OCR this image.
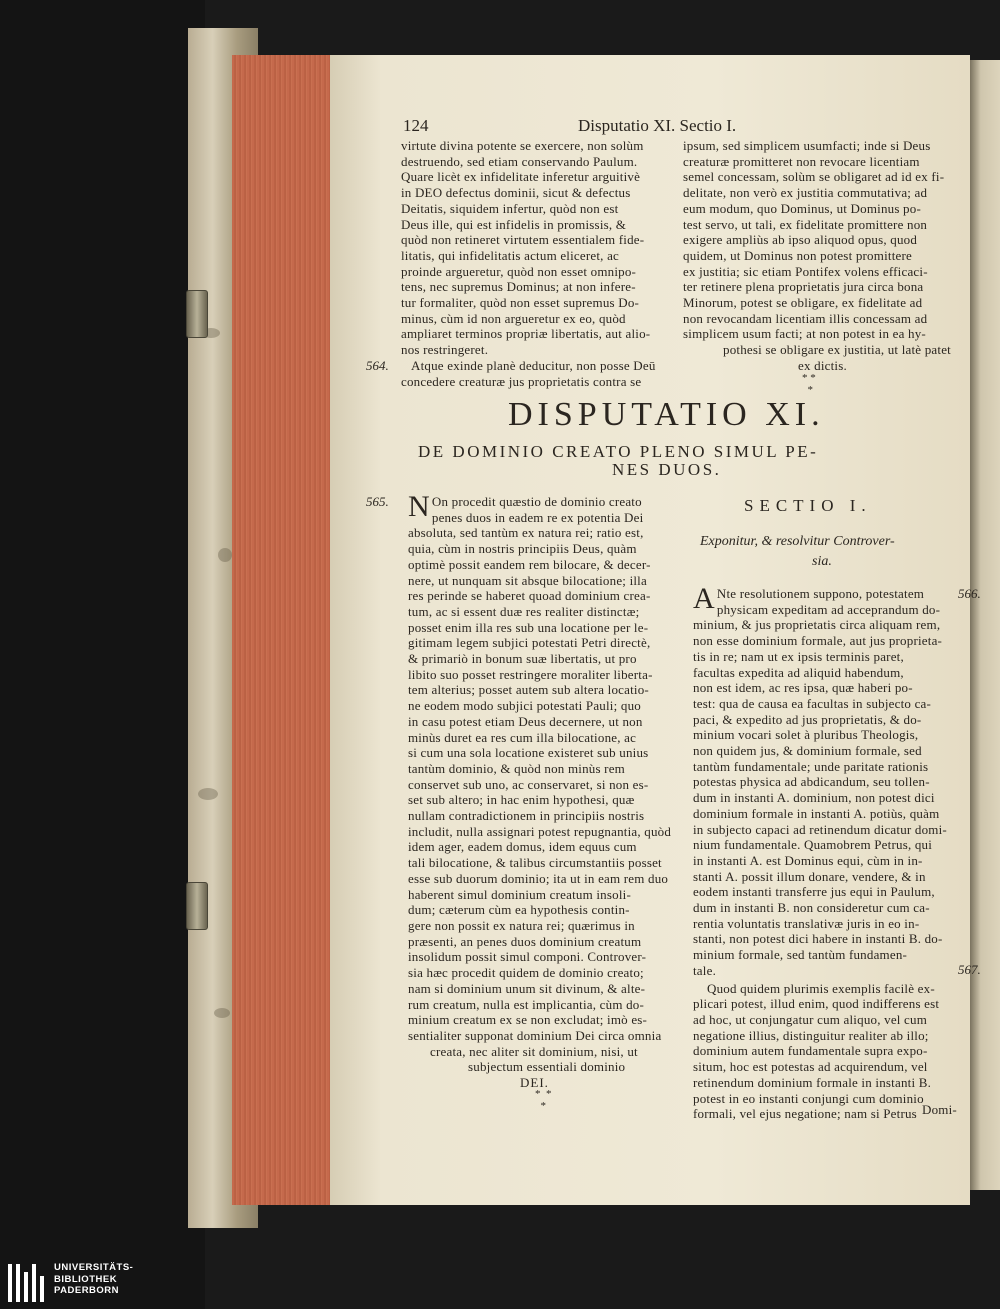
124	Disputatio XI. Sectio I.

virtute divina potente se exercere, non solùm

destruendo, sed etiam conservando Paulum.

Quare licèt ex infidelitate inferetur arguitivè

in DEO defectus dominii, sicut & defectus

Deitatis, siquidem infertur, quòd non est

Deus ille, qui est infidelis in promissis, &

quòd non retineret virtutem essentialem fide-

litatis, qui infidelitatis actum eliceret, ac

proinde argueretur, quòd non esset omnipo-

tens, nec supremus Dominus; at non infere-

tur formaliter, quòd non esset supremus Do-

minus, cùm id non argueretur ex eo, quòd

ampliaret terminos propriæ libertatis, aut alio-

nos restringeret.

Atque exinde planè deducitur, non posse Deū

concedere creaturæ jus proprietatis contra se

564.

ipsum, sed simplicem usumfacti; inde si Deus

creaturæ promitteret non revocare licentiam

semel concessam, solùm se obligaret ad id ex fi-

delitate, non verò ex justitia commutativa; ad

eum modum, quo Dominus, ut Dominus po-

test servo, ut tali, ex fidelitate promittere non

exigere ampliùs ab ipso aliquod opus, quod

quidem, ut Dominus non potest promittere

ex justitia; sic etiam Pontifex volens efficaci-

ter retinere plena proprietatis jura circa bona

Minorum, potest se obligare, ex fidelitate ad

non revocandam licentiam illis concessam ad

simplicem usum facti; at non potest in ea hy-

pothesi se obligare ex justitia, ut latè patet

ex dictis.

* *
*
DISPUTATIO XI.
DE DOMINIO CREATO PLENO SIMUL PE-
NES DUOS.
565. N On procedit quæstio de dominio creato

penes duos in eadem re ex potentia Dei

absoluta, sed tantùm ex natura rei; ratio est,

quia, cùm in nostris principiis Deus, quàm

optimè possit eandem rem bilocare, & decer-

nere, ut nunquam sit absque bilocatione; illa

res perinde se haberet quoad dominium crea-

tum, ac si essent duæ res realiter distinctæ;

posset enim illa res sub una locatione per le-

gitimam legem subjici potestati Petri directè,

& primariò in bonum suæ libertatis, ut pro

libito suo posset restringere moraliter liberta-

tem alterius; posset autem sub altera locatio-

ne eodem modo subjici potestati Pauli; quo

in casu potest etiam Deus decernere, ut non

minùs duret ea res cum illa bilocatione, ac

si cum una sola locatione existeret sub unius

tantùm dominio, & quòd non minùs rem

conservet sub uno, ac conservaret, si non es-

set sub altero; in hac enim hypothesi, quæ

nullam contradictionem in principiis nostris

includit, nulla assignari potest repugnantia, quòd

idem ager, eadem domus, idem equus cum

tali bilocatione, & talibus circumstantiis posset

esse sub duorum dominio; ita ut in eam rem duo

haberent simul dominium creatum insoli-

dum; cæterum cùm ea hypothesis contin-

gere non possit ex natura rei; quærimus in

præsenti, an penes duos dominium creatum

insolidum possit simul componi. Controver-

sia hæc procedit quidem de dominio creato;

nam si dominium unum sit divinum, & alte-

rum creatum, nulla est implicantia, cùm do-

minium creatum ex se non excludat; imò es-

sentialiter supponat dominium Dei circa omnia

creata, nec aliter sit dominium, nisi, ut

subjectum essentiali dominio

DEI.

*  *
*
SECTIO I.
Exponitur, & resolvitur Controver-
sia.
566.
A Nte resolutionem suppono, potestatem

physicam expeditam ad acceprandum do-

minium, & jus proprietatis circa aliquam rem,

non esse dominium formale, aut jus proprieta-

tis in re; nam ut ex ipsis terminis paret,

facultas expedita ad aliquid habendum,

non est idem, ac res ipsa, quæ haberi po-

test: qua de causa ea facultas in subjecto ca-

paci, & expedito ad jus proprietatis, & do-

minium vocari solet à pluribus Theologis,

non quidem jus, & dominium formale, sed

tantùm fundamentale; unde paritate rationis

potestas physica ad abdicandum, seu tollen-

dum in instanti A. dominium, non potest dici

dominium formale in instanti A. potiùs, quàm

in subjecto capaci ad retinendum dicatur domi-

nium fundamentale. Quamobrem Petrus, qui

in instanti A. est Dominus equi, cùm in in-

stanti A. possit illum donare, vendere, & in

eodem instanti transferre jus equi in Paulum,

dum in instanti B. non consideretur cum ca-

rentia voluntatis translativæ juris in eo in-

stanti, non potest dici habere in instanti B. do-

minium formale, sed tantùm fundamen-

tale.

Quod quidem plurimis exemplis facilè ex-

plicari potest, illud enim, quod indifferens est

ad hoc, ut conjungatur cum aliquo, vel cum

negatione illius, distinguitur realiter ab illo;

dominium autem fundamentale supra expo-

situm, hoc est potestas ad acquirendum, vel

retinendum dominium formale in instanti B.

potest in eo instanti conjungi cum dominio

formali, vel ejus negatione; nam si Petrus

567.
Domi-
UNIVERSITÄTS-
BIBLIOTHEK
PADERBORN
